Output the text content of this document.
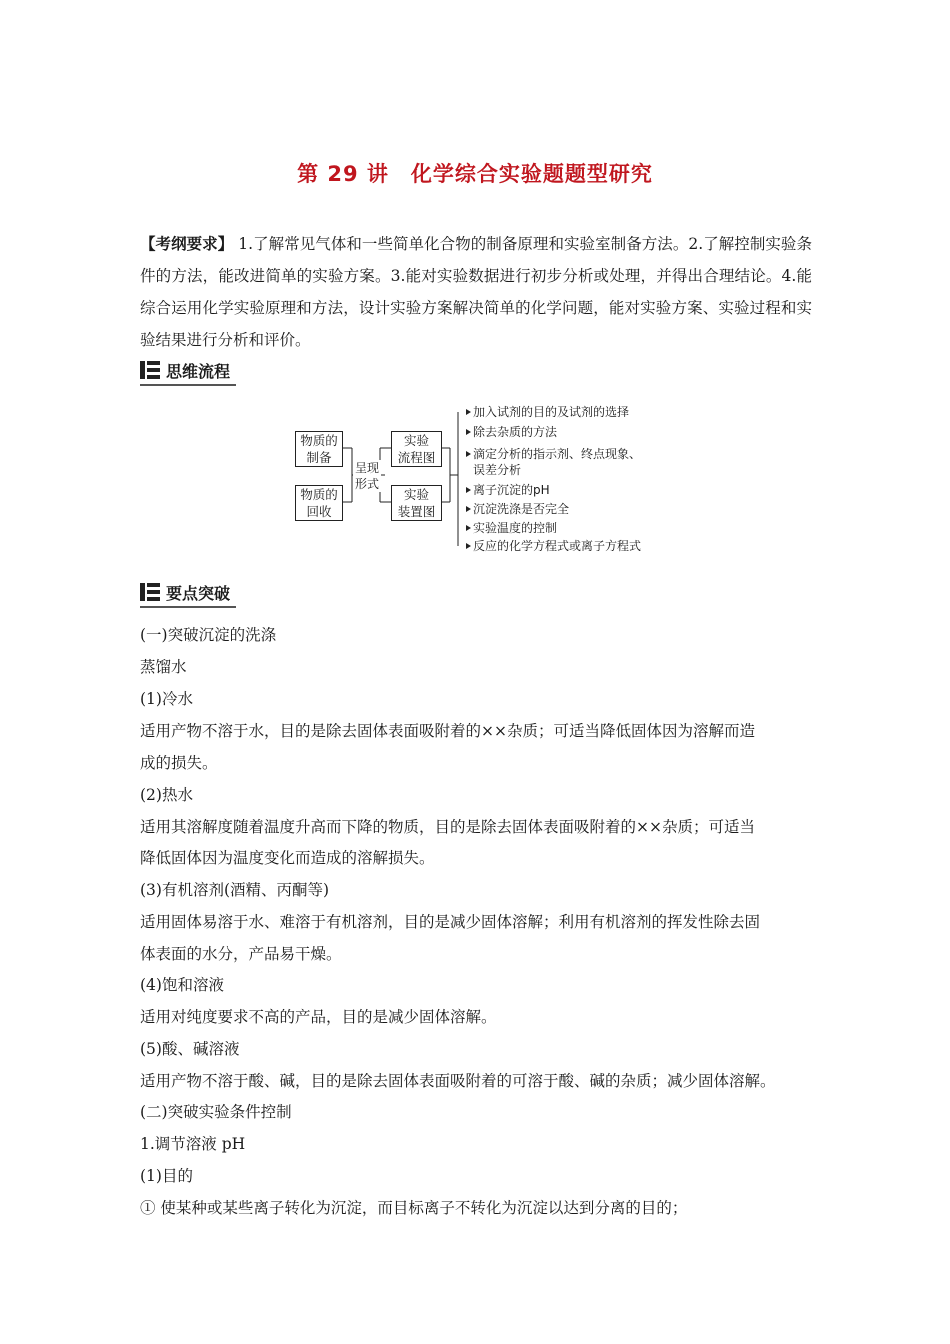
第 29 讲 化学综合实验题题型研究
【考纲要求】 1.了解常见气体和一些简单化合物的制备原理和实验室制备方法。2.了解控制实验条件的方法，能改进简单的实验方案。3.能对实验数据进行初步分析或处理，并得出合理结论。4.能综合运用化学实验原理和方法，设计实验方案解决简单的化学问题，能对实验方案、实验过程和实验结果进行分析和评价。
思维流程
物质的
制备
物质的
回收
呈现
形式
实验
流程图
实验
装置图
加入试剂的目的及试剂的选择
除去杂质的方法
滴定分析的指示剂、终点现象、
误差分析
离子沉淀的pH
沉淀洗涤是否完全
实验温度的控制
反应的化学方程式或离子方程式
要点突破
(一)突破沉淀的洗涤
蒸馏水
(1)冷水
适用产物不溶于水，目的是除去固体表面吸附着的××杂质；可适当降低固体因为溶解而造
成的损失。
(2)热水
适用其溶解度随着温度升高而下降的物质，目的是除去固体表面吸附着的××杂质；可适当
降低固体因为温度变化而造成的溶解损失。
(3)有机溶剂(酒精、丙酮等)
适用固体易溶于水、难溶于有机溶剂，目的是减少固体溶解；利用有机溶剂的挥发性除去固
体表面的水分，产品易干燥。
(4)饱和溶液
适用对纯度要求不高的产品，目的是减少固体溶解。
(5)酸、碱溶液
适用产物不溶于酸、碱，目的是除去固体表面吸附着的可溶于酸、碱的杂质；减少固体溶解。
(二)突破实验条件控制
1.调节溶液 pH
(1)目的
① 使某种或某些离子转化为沉淀，而目标离子不转化为沉淀以达到分离的目的；
